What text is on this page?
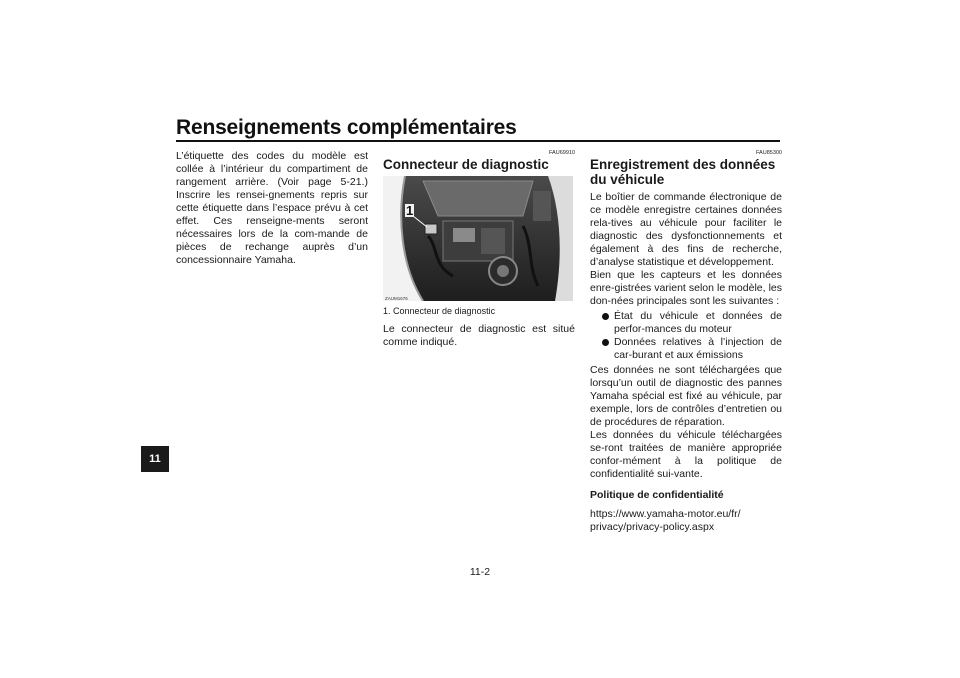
Renseignements complémentaires
11

L’étiquette des codes du modèle est collée à l’intérieur du compartiment de rangement arrière. (Voir page 5-21.) Inscrire les rensei-gnements repris sur cette étiquette dans l’espace prévu à cet effet. Ces renseigne-ments seront nécessaires lors de la com-mande de pièces de rechange auprès d’un concessionnaire Yamaha.

FAU69910
Connecteur de diagnostic
1
ZAUM1676
1. Connecteur de diagnostic

Le connecteur de diagnostic est situé comme indiqué.

FAU85300
Enregistrement des données du véhicule

Le boîtier de commande électronique de ce modèle enregistre certaines données rela-tives au véhicule pour faciliter le diagnostic des dysfonctionnements et également à des fins de recherche, d’analyse statistique et développement.

Bien que les capteurs et les données enre-gistrées varient selon le modèle, les don-nées principales sont les suivantes :

État du véhicule et données de perfor-mances du moteur
Données relatives à l’injection de car-burant et aux émissions

Ces données ne sont téléchargées que lorsqu’un outil de diagnostic des pannes Yamaha spécial est fixé au véhicule, par exemple, lors de contrôles d’entretien ou de procédures de réparation.

Les données du véhicule téléchargées se-ront traitées de manière appropriée confor-mément à la politique de confidentialité sui-vante.

Politique de confidentialité
https://www.yamaha-motor.eu/fr/
privacy/privacy-policy.aspx
11-2
